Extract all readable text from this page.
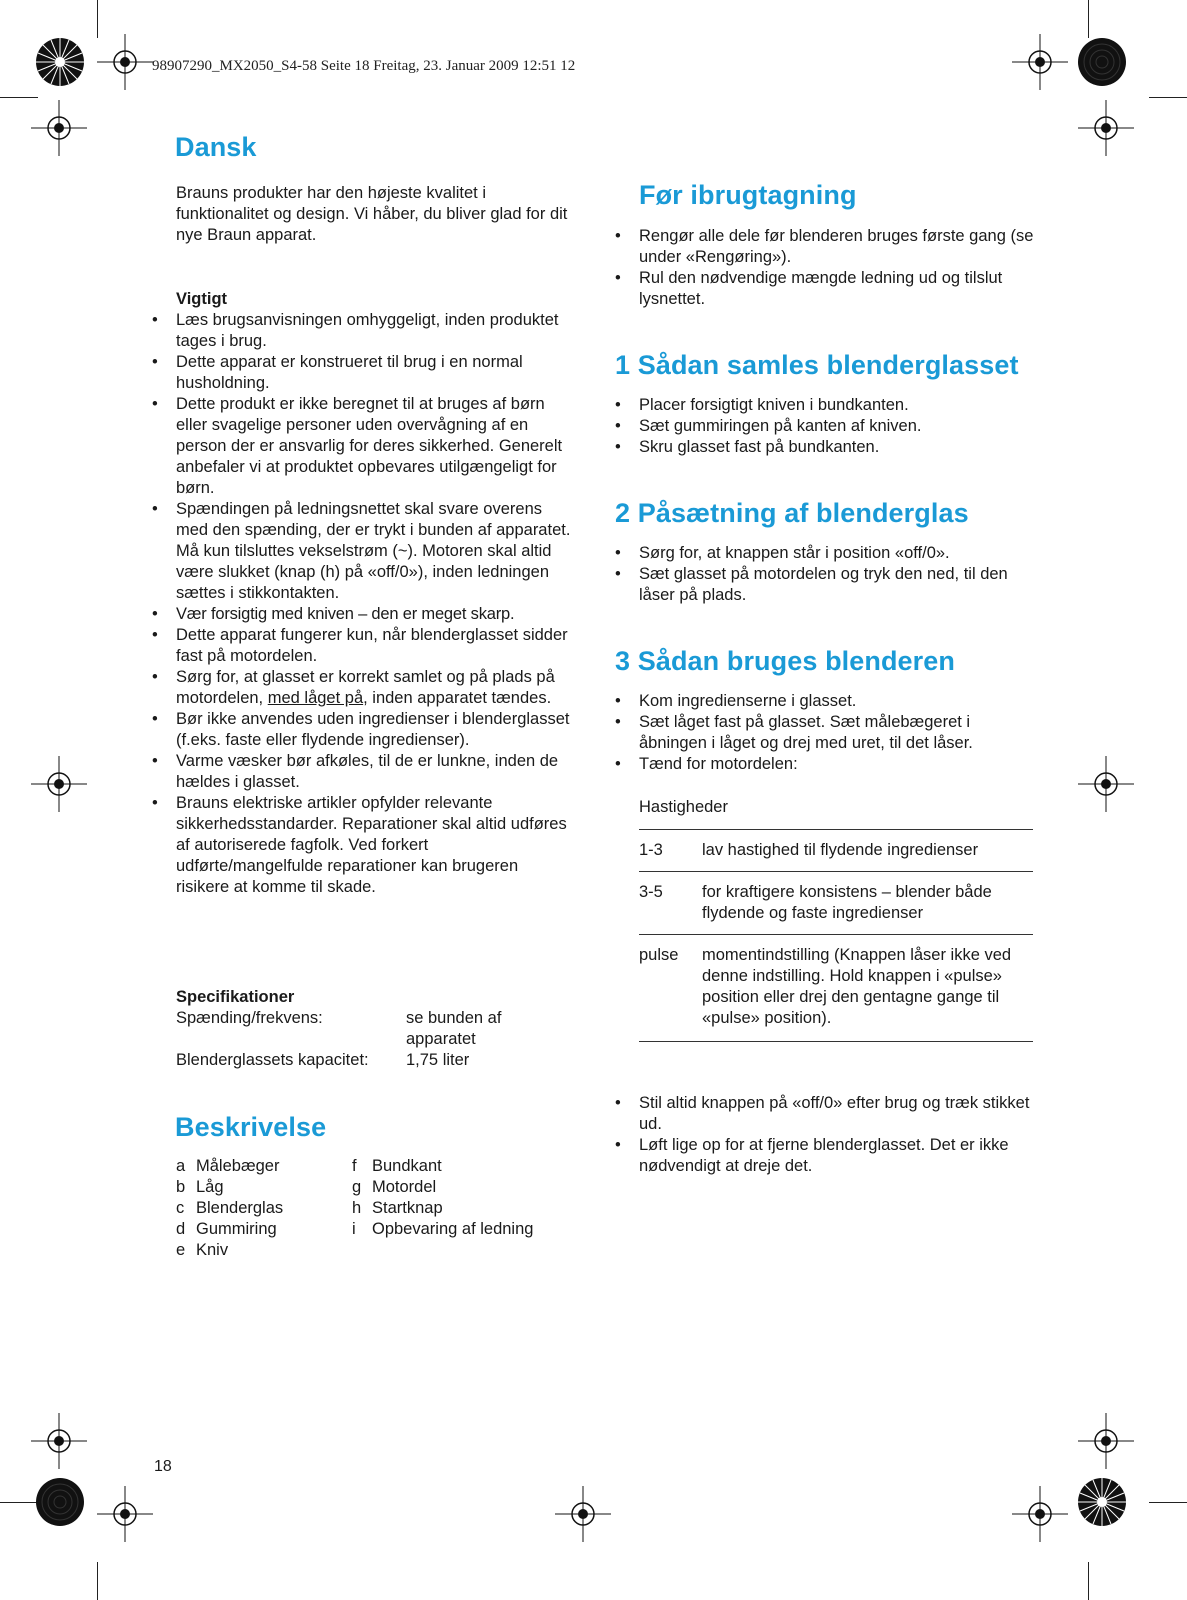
98907290_MX2050_S4-58 Seite 18 Freitag, 23. Januar 2009 12:51 12
Dansk
Brauns produkter har den højeste kvalitet i funktionalitet og design. Vi håber, du bliver glad for dit nye Braun apparat.
Vigtigt
• Læs brugsanvisningen omhyggeligt, inden produktet tages i brug.
• Dette apparat er konstrueret til brug i en normal husholdning.
• Dette produkt er ikke beregnet til at bruges af børn eller svagelige personer uden overvågning af en person der er ansvarlig for deres sikkerhed. Generelt anbefaler vi at produktet opbevares utilgængeligt for børn.
• Spændingen på ledningsnettet skal svare overens med den spænding, der er trykt i bunden af apparatet. Må kun tilsluttes vekselstrøm (~). Motoren skal altid være slukket (knap (h) på «off/0»), inden ledningen sættes i stikkontakten.
• Vær forsigtig med kniven – den er meget skarp.
• Dette apparat fungerer kun, når blenderglasset sidder fast på motordelen.
• Sørg for, at glasset er korrekt samlet og på plads på motordelen, med låget på, inden apparatet tændes.
• Bør ikke anvendes uden ingredienser i blenderglasset (f.eks. faste eller flydende ingredienser).
• Varme væsker bør afkøles, til de er lunkne, inden de hældes i glasset.
• Brauns elektriske artikler opfylder relevante sikkerhedsstandarder. Reparationer skal altid udføres af autoriserede fagfolk. Ved forkert udførte/mangelfulde reparationer kan brugeren risikere at komme til skade.
Specifikationer
Spænding/frekvens:	se bunden af apparatet
Blenderglassets kapacitet:	1,75 liter
Beskrivelse
a Målebæger
b Låg
c Blenderglas
d Gummiring
e Kniv
f Bundkant
g Motordel
h Startknap
i Opbevaring af ledning
18
Før ibrugtagning
• Rengør alle dele før blenderen bruges første gang (se under «Rengøring»).
• Rul den nødvendige mængde ledning ud og tilslut lysnettet.
1 Sådan samles blenderglasset
• Placer forsigtigt kniven i bundkanten.
• Sæt gummiringen på kanten af kniven.
• Skru glasset fast på bundkanten.
2 Påsætning af blenderglas
• Sørg for, at knappen står i position «off/0».
• Sæt glasset på motordelen og tryk den ned, til den låser på plads.
3 Sådan bruges blenderen
• Kom ingredienserne i glasset.
• Sæt låget fast på glasset. Sæt målebægeret i åbningen i låget og drej med uret, til det låser.
• Tænd for motordelen:
Hastigheder
1-3	lav hastighed til flydende ingredienser
3-5	for kraftigere konsistens – blender både flydende og faste ingredienser
pulse	momentindstilling (Knappen låser ikke ved denne indstilling. Hold knappen i «pulse» position eller drej den gentagne gange til «pulse» position).
• Stil altid knappen på «off/0» efter brug og træk stikket ud.
• Løft lige op for at fjerne blenderglasset. Det er ikke nødvendigt at dreje det.
